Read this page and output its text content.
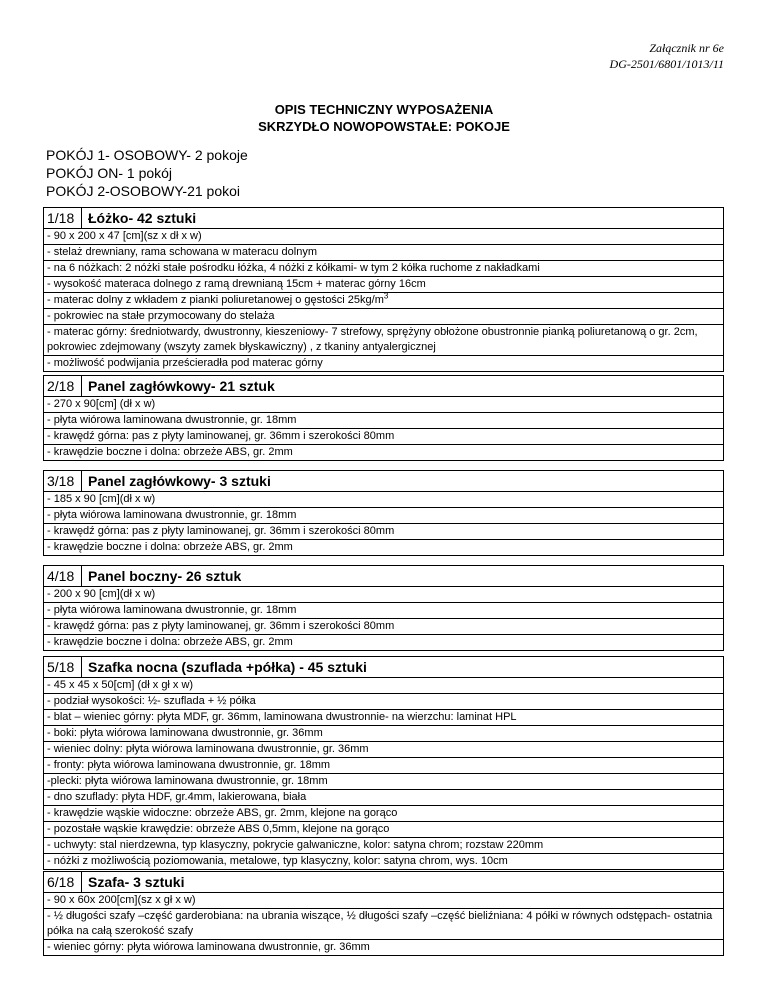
Załącznik nr 6e
DG-2501/6801/1013/11
OPIS TECHNICZNY WYPOSAŻENIA
SKRZYDŁO NOWOPOWSTAŁE: POKOJE
POKÓJ 1- OSOBOWY- 2 pokoje
POKÓJ ON- 1 pokój
POKÓJ 2-OSOBOWY-21 pokoi
1/18 Łóżko- 42 sztuki
- 90 x 200 x 47 [cm](sz x dł x w)
- stelaż drewniany, rama schowana w materacu dolnym
- na 6 nóżkach: 2 nóżki stałe pośrodku łóżka, 4 nóżki z kółkami- w tym 2 kółka ruchome z nakładkami
- wysokość materaca dolnego z ramą drewnianą 15cm + materac górny 16cm
- materac dolny z wkładem z pianki poliuretanowej o gęstości $25kg/m^3$
- pokrowiec na stałe przymocowany do stelaża
- materac górny: średniotwardy, dwustronny, kieszeniowy- 7 strefowy, sprężyny obłożone obustronnie pianką poliuretanową o gr. 2cm, pokrowiec zdejmowany (wszyty zamek błyskawiczny) , z tkaniny antyalergicznej
- możliwość podwijania prześcieradła pod materac górny
2/18 Panel zagłówkowy- 21 sztuk
- 270 x 90[cm] (dł x w)
- płyta wiórowa laminowana dwustronnie, gr. 18mm
- krawędź górna: pas z płyty laminowanej, gr. 36mm i szerokości 80mm
- krawędzie boczne i dolna: obrzeże ABS, gr. 2mm
3/18 Panel zagłówkowy- 3 sztuki
- 185 x 90 [cm](dł x w)
- płyta wiórowa laminowana dwustronnie, gr. 18mm
- krawędź górna: pas z płyty laminowanej, gr. 36mm i szerokości 80mm
- krawędzie boczne i dolna: obrzeże ABS, gr. 2mm
4/18 Panel boczny- 26 sztuk
- 200 x 90 [cm](dł x w)
- płyta wiórowa laminowana dwustronnie, gr. 18mm
- krawędź górna: pas z płyty laminowanej, gr. 36mm i szerokości 80mm
- krawędzie boczne i dolna: obrzeże ABS, gr. 2mm
5/18 Szafka nocna (szuflada +półka) - 45 sztuki
- 45 x 45 x 50[cm] (dł x gł x w)
- podział wysokości: ½- szuflada + ½ półka
- blat – wieniec górny: płyta MDF, gr. 36mm, laminowana dwustronnie- na wierzchu: laminat HPL
- boki: płyta wiórowa laminowana dwustronnie, gr. 36mm
- wieniec dolny: płyta wiórowa laminowana dwustronnie, gr. 36mm
- fronty: płyta wiórowa laminowana dwustronnie, gr. 18mm
-plecki: płyta wiórowa laminowana dwustronnie, gr. 18mm
- dno szuflady: płyta HDF, gr.4mm, lakierowana, biała
- krawędzie wąskie widoczne: obrzeże ABS, gr. 2mm, klejone na gorąco
- pozostałe wąskie krawędzie: obrzeże ABS 0,5mm, klejone na gorąco
- uchwyty: stal nierdzewna, typ klasyczny, pokrycie galwaniczne, kolor: satyna chrom; rozstaw 220mm
- nóżki z możliwością poziomowania, metalowe, typ klasyczny, kolor: satyna chrom, wys. 10cm
6/18 Szafa- 3 sztuki
- 90 x 60x 200[cm](sz x gł x w)
- ½ długości szafy –część garderobiana: na ubrania wiszące, ½ długości szafy –część bieliźniana: 4 półki w równych odstępach- ostatnia półka na całą szerokość szafy
- wieniec górny: płyta wiórowa laminowana dwustronnie, gr. 36mm
